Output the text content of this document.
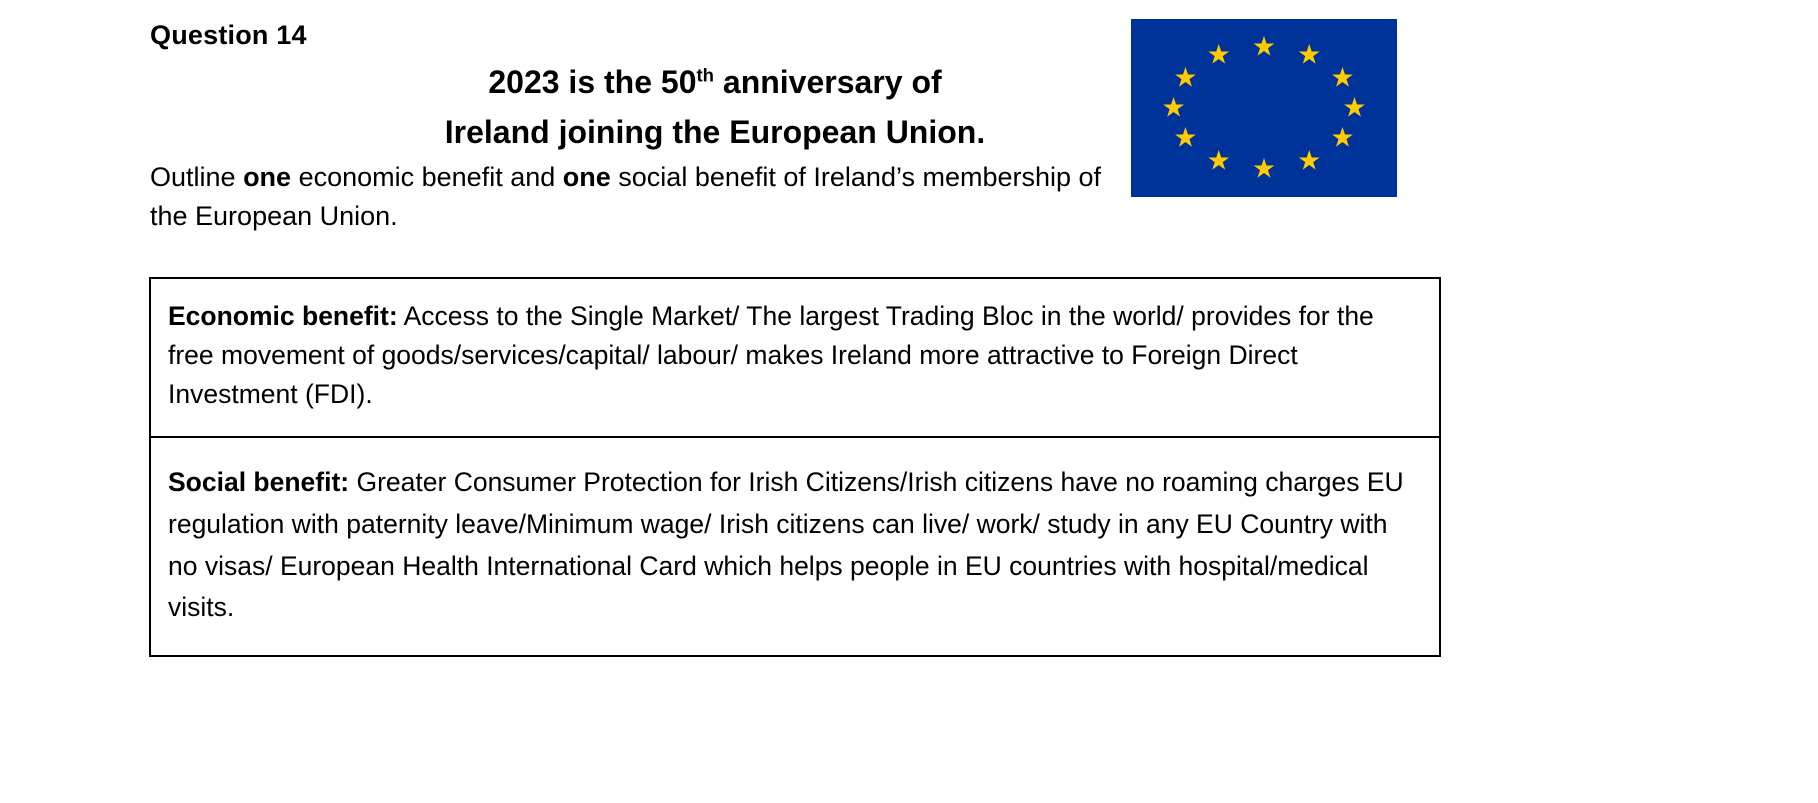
Question 14
2023 is the 50th anniversary of
Ireland joining the European Union.
Outline one economic benefit and one social benefit of Ireland’s membership of the European Union.
★ ★
★
★
★
★
★
★
★
★
★
★
Economic benefit: Access to the Single Market/ The largest Trading Bloc in the world/ provides for the free movement of goods/services/capital/ labour/ makes Ireland more attractive to Foreign Direct Investment (FDI).
Social benefit: Greater Consumer Protection for Irish Citizens/Irish citizens have no roaming charges EU regulation with paternity leave/Minimum wage/ Irish citizens can live/ work/ study in any EU Country with no visas/ European Health International Card which helps people in EU countries with hospital/medical visits.
